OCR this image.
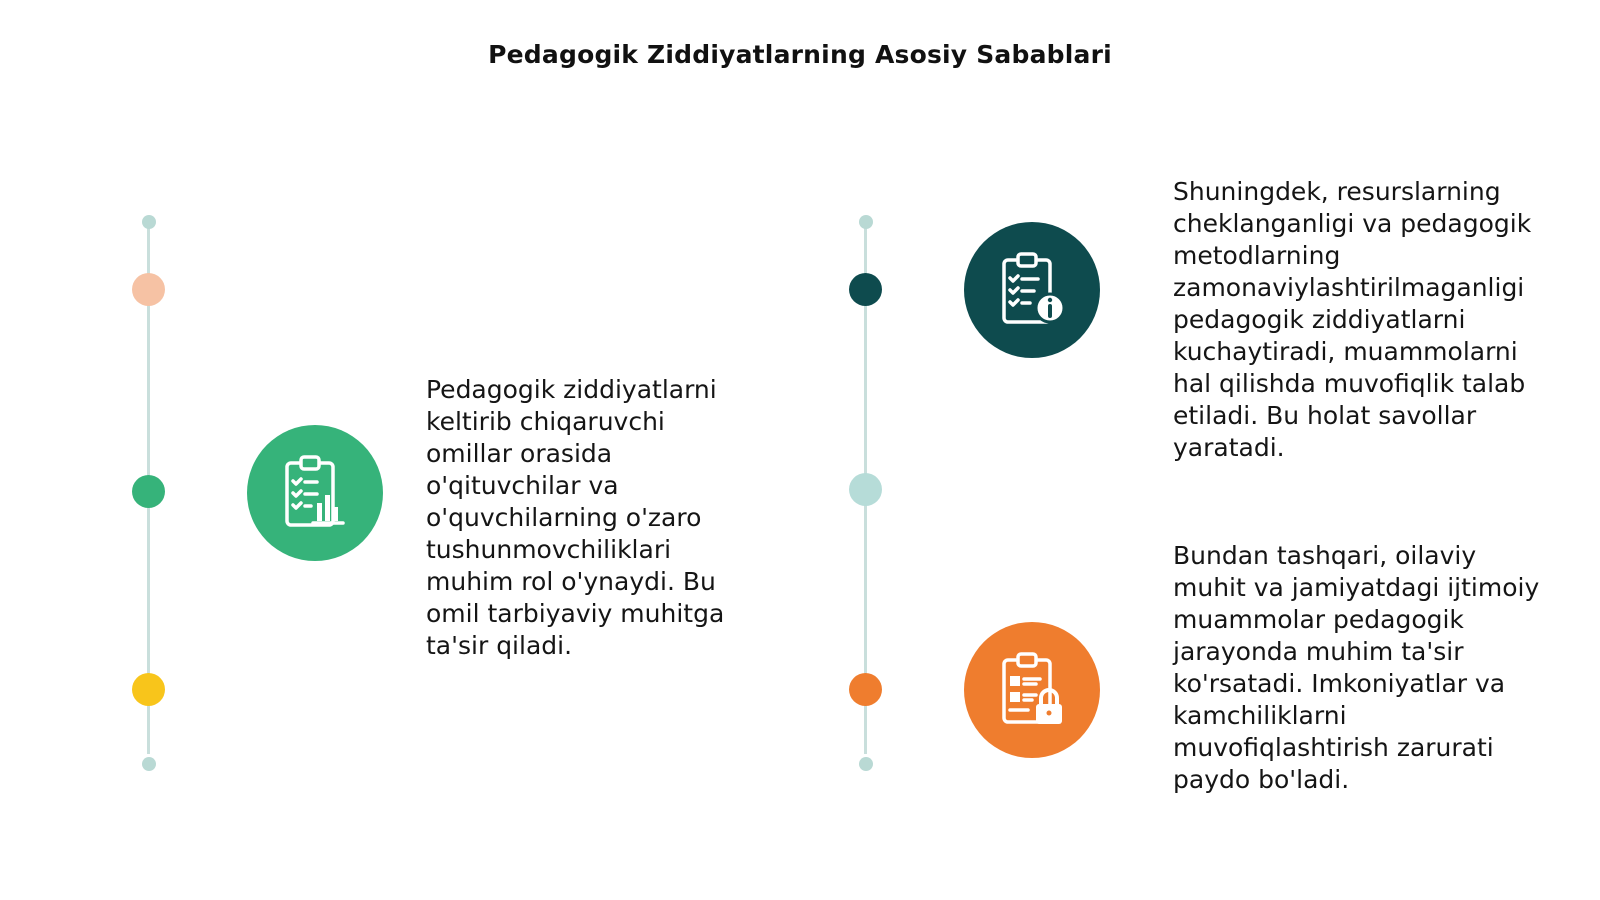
Pedagogik Ziddiyatlarning Asosiy Sabablari
Pedagogik ziddiyatlarni keltirib chiqaruvchi omillar orasida o'qituvchilar va o'quvchilarning o'zaro tushunmovchiliklari muhim rol o'ynaydi. Bu omil tarbiyaviy muhitga ta'sir qiladi.
Shuningdek, resurslarning cheklanganligi va pedagogik metodlarning zamonaviylashtirilmaganligi pedagogik ziddiyatlarni kuchaytiradi, muammolarni hal qilishda muvofiqlik talab etiladi. Bu holat savollar yaratadi.
Bundan tashqari, oilaviy muhit va jamiyatdagi ijtimoiy muammolar pedagogik jarayonda muhim ta'sir ko'rsatadi. Imkoniyatlar va kamchiliklarni muvofiqlashtirish zarurati paydo bo'ladi.
